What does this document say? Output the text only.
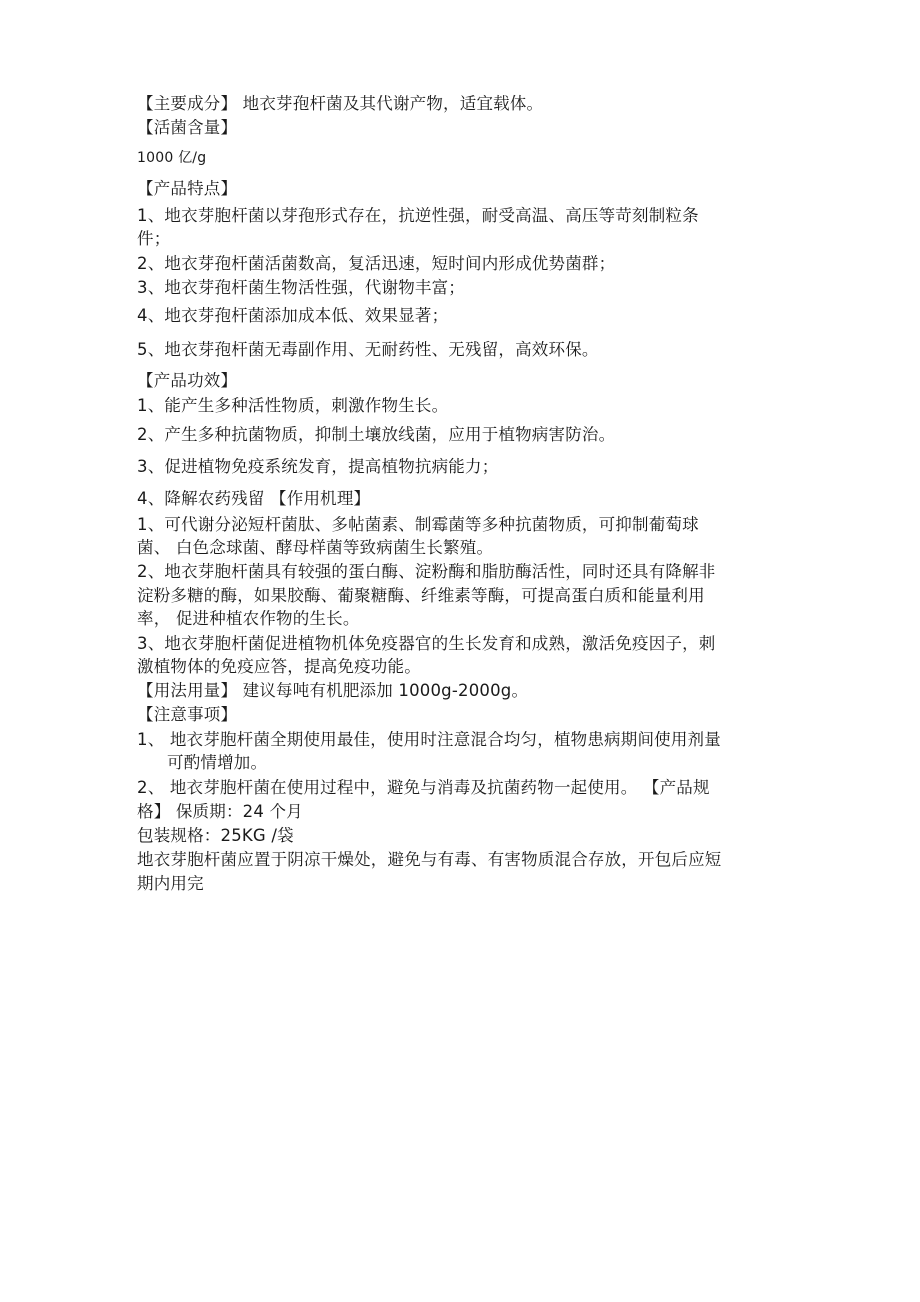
【主要成分】 地衣芽孢杆菌及其代谢产物，适宜载体。

【活菌含量】

1000 亿/g

【产品特点】

1、地衣芽胞杆菌以芽孢形式存在，抗逆性强，耐受高温、高压等苛刻制粒条

件；

2、地衣芽孢杆菌活菌数高，复活迅速，短时间内形成优势菌群；

3、地衣芽孢杆菌生物活性强，代谢物丰富；

4、地衣芽孢杆菌添加成本低、效果显著；

5、地衣芽孢杆菌无毒副作用、无耐药性、无残留，高效环保。

【产品功效】

1、能产生多种活性物质，刺激作物生长。

2、产生多种抗菌物质，抑制土壤放线菌，应用于植物病害防治。

3、促进植物免疫系统发育，提高植物抗病能力；

4、降解农药残留 【作用机理】

1、可代谢分泌短杆菌肽、多帖菌素、制霉菌等多种抗菌物质，可抑制葡萄球

菌、 白色念球菌、酵母样菌等致病菌生长繁殖。

2、地衣芽胞杆菌具有较强的蛋白酶、淀粉酶和脂肪酶活性，同时还具有降解非

淀粉多糖的酶，如果胶酶、葡聚糖酶、纤维素等酶，可提高蛋白质和能量利用

率， 促进种植农作物的生长。

3、地衣芽胞杆菌促进植物机体免疫器官的生长发育和成熟，激活免疫因子，刺

激植物体的免疫应答，提高免疫功能。

【用法用量】 建议每吨有机肥添加 1000g-2000g。

【注意事项】

1、 地衣芽胞杆菌全期使用最佳，使用时注意混合均匀，植物患病期间使用剂量

可酌情增加。

2、 地衣芽胞杆菌在使用过程中，避免与消毒及抗菌药物一起使用。 【产品规

格】 保质期：24 个月

包装规格：25KG /袋

地衣芽胞杆菌应置于阴凉干燥处，避免与有毒、有害物质混合存放，开包后应短

期内用完
